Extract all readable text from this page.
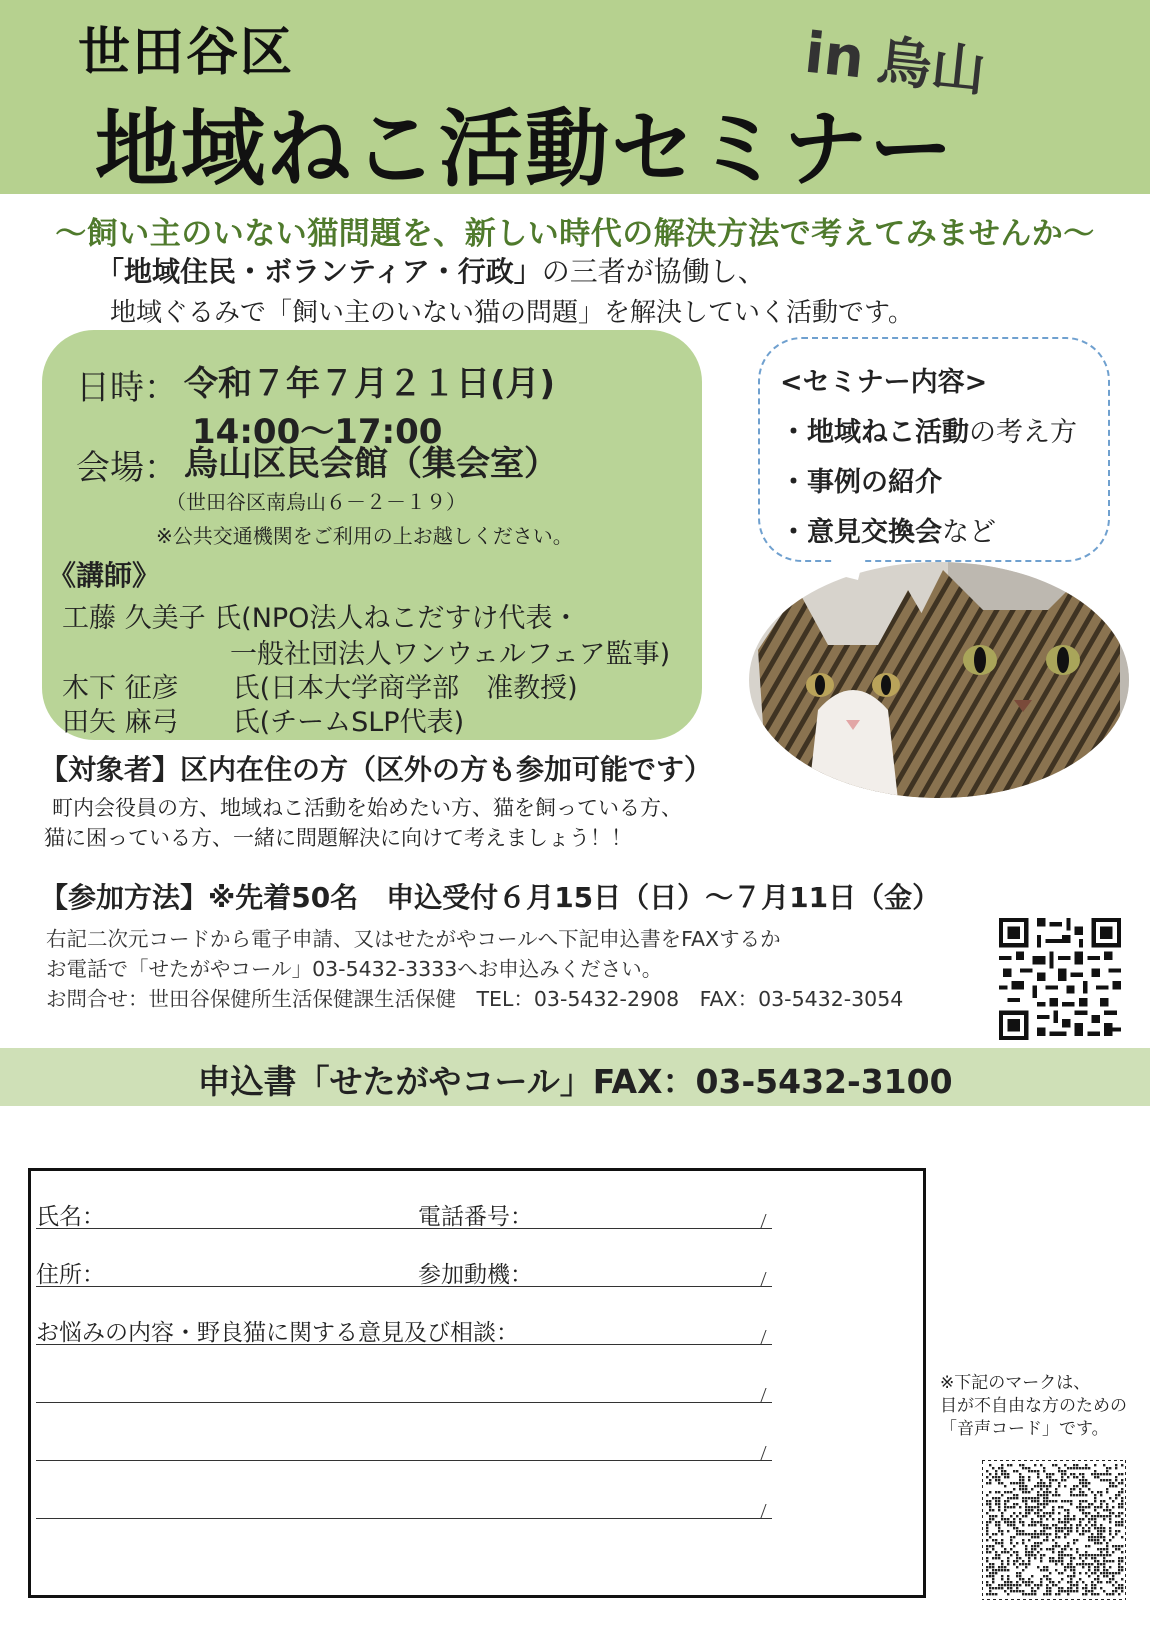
世田谷区
地域ねこ活動セミナー
in 烏山
～飼い主のいない猫問題を、新しい時代の解決方法で考えてみませんか～
「地域住民・ボランティア・行政」の三者が協働し、
地域ぐるみで「飼い主のいない猫の問題」を解決していく活動です。
日時： 令和７年７月２１日(月)
14:00～17:00
会場： 烏山区民会館（集会室）
（世田谷区南烏山６－２－１９）
※公共交通機関をご利用の上お越しください。
《講師》
工藤 久美子 氏(NPO法人ねこだすけ代表・
一般社団法人ワンウェルフェア監事)
木下 征彦　　氏(日本大学商学部　准教授)
田矢 麻弓　　氏(チームSLP代表)
<セミナー内容>
・地域ねこ活動の考え方
・事例の紹介
・意見交換会など
【対象者】区内在住の方（区外の方も参加可能です）
町内会役員の方、地域ねこ活動を始めたい方、猫を飼っている方、
猫に困っている方、一緒に問題解決に向けて考えましょう！！
【参加方法】※先着50名　申込受付６月15日（日）～７月11日（金）
右記二次元コードから電子申請、又はせたがやコールへ下記申込書をFAXするか
お電話で「せたがやコール」03-5432-3333へお申込みください。
お問合せ：世田谷保健所生活保健課生活保健　TEL：03-5432-2908　FAX：03-5432-3054
申込書「せたがやコール」FAX：03-5432-3100
氏名：	電話番号：
住所：	参加動機：
お悩みの内容・野良猫に関する意見及び相談：
※下記のマークは、
目が不自由な方のための
「音声コード」です。
